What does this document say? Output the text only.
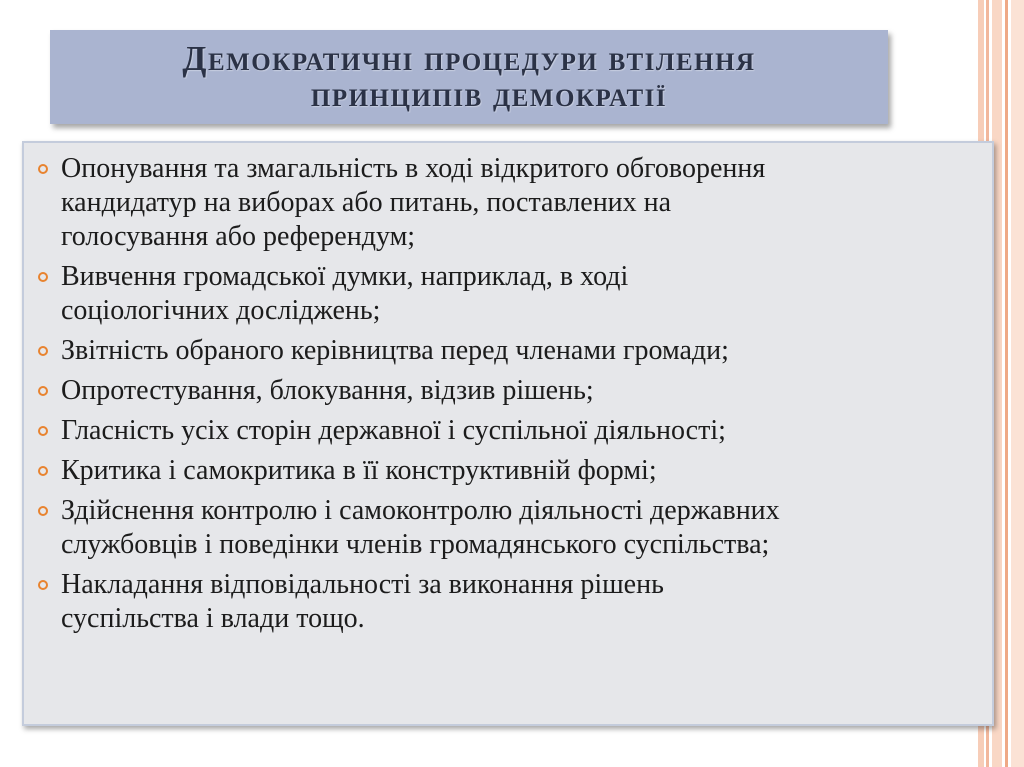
Демократичні процедури втілення
принципів демократії
Опонування та змагальність в ході відкритого обговорення
кандидатур на виборах або питань, поставлених на
голосування або референдум;
Вивчення громадської думки, наприклад, в ході
соціологічних досліджень;
Звітність обраного керівництва перед членами громади;
Опротестування, блокування, відзив рішень;
Гласність усіх сторін державної і суспільної діяльності;
Критика і самокритика в її конструктивній формі;
Здійснення контролю і самоконтролю діяльності державних
службовців і поведінки членів громадянського суспільства;
Накладання відповідальності за виконання рішень
суспільства і влади тощо.
